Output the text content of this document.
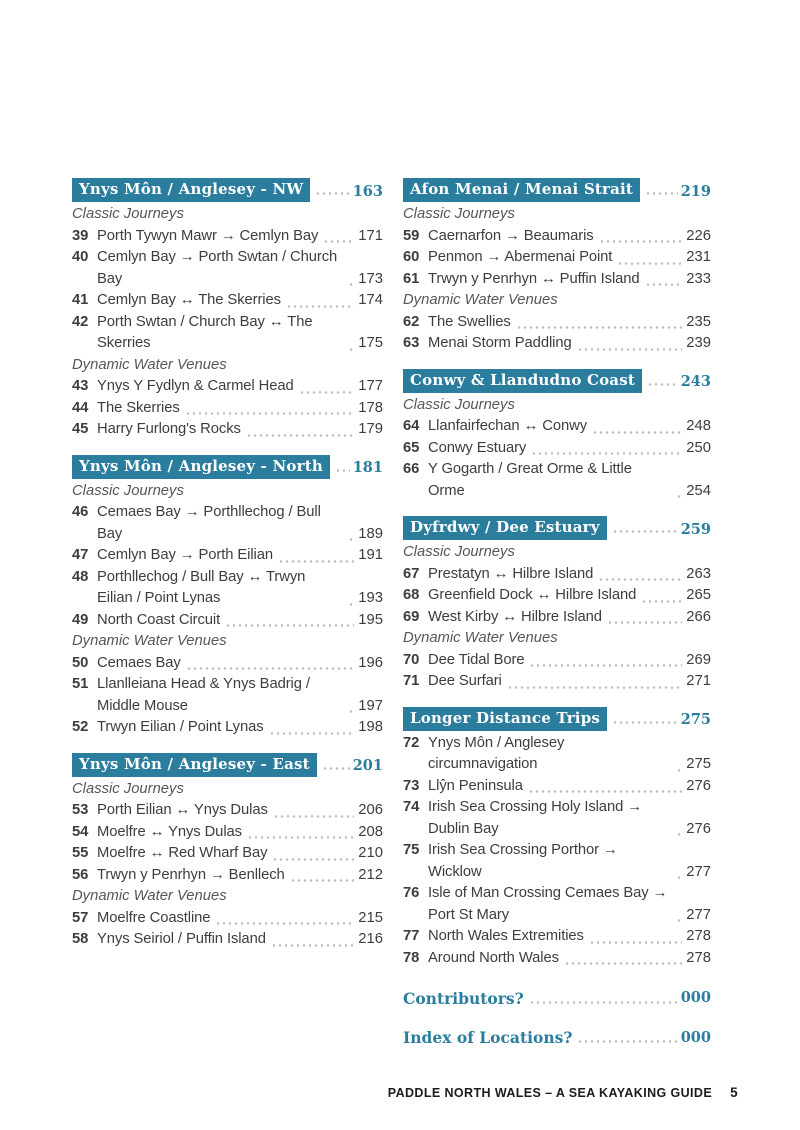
Ynys Môn / Anglesey - NW	163
Classic Journeys
39 Porth Tywyn Mawr → Cemlyn Bay	171
40 Cemlyn Bay → Porth Swtan / Church Bay	173
41 Cemlyn Bay ↔ The Skerries	174
42 Porth Swtan / Church Bay ↔ The Skerries	175
Dynamic Water Venues
43 Ynys Y Fydlyn & Carmel Head	177
44 The Skerries	178
45 Harry Furlong's Rocks	179
Ynys Môn / Anglesey - North	181
Classic Journeys
46 Cemaes Bay → Porthllechog / Bull Bay	189
47 Cemlyn Bay → Porth Eilian	191
48 Porthllechog / Bull Bay ↔ Trwyn Eilian / Point Lynas	193
49 North Coast Circuit	195
Dynamic Water Venues
50 Cemaes Bay	196
51 Llanlleiana Head & Ynys Badrig / Middle Mouse	197
52 Trwyn Eilian / Point Lynas	198
Ynys Môn / Anglesey - East	201
Classic Journeys
53 Porth Eilian ↔ Ynys Dulas	206
54 Moelfre ↔ Ynys Dulas	208
55 Moelfre ↔ Red Wharf Bay	210
56 Trwyn y Penrhyn → Benllech	212
Dynamic Water Venues
57 Moelfre Coastline	215
58 Ynys Seiriol / Puffin Island	216
Afon Menai / Menai Strait	219
Classic Journeys
59 Caernarfon → Beaumaris	226
60 Penmon → Abermenai Point	231
61 Trwyn y Penrhyn ↔ Puffin Island	233
Dynamic Water Venues
62 The Swellies	235
63 Menai Storm Paddling	239
Conwy & Llandudno Coast	243
Classic Journeys
64 Llanfairfechan ↔ Conwy	248
65 Conwy Estuary	250
66 Y Gogarth / Great Orme & Little Orme	254
Dyfrdwy / Dee Estuary	259
Classic Journeys
67 Prestatyn ↔ Hilbre Island	263
68 Greenfield Dock ↔ Hilbre Island	265
69 West Kirby ↔ Hilbre Island	266
Dynamic Water Venues
70 Dee Tidal Bore	269
71 Dee Surfari	271
Longer Distance Trips	275
72 Ynys Môn / Anglesey circumnavigation	275
73 Llŷn Peninsula	276
74 Irish Sea Crossing Holy Island → Dublin Bay	276
75 Irish Sea Crossing Porthor → Wicklow	277
76 Isle of Man Crossing Cemaes Bay → Port St Mary	277
77 North Wales Extremities	278
78 Around North Wales	278
Contributors?	000
Index of Locations?	000
PADDLE NORTH WALES – A SEA KAYAKING GUIDE 5
